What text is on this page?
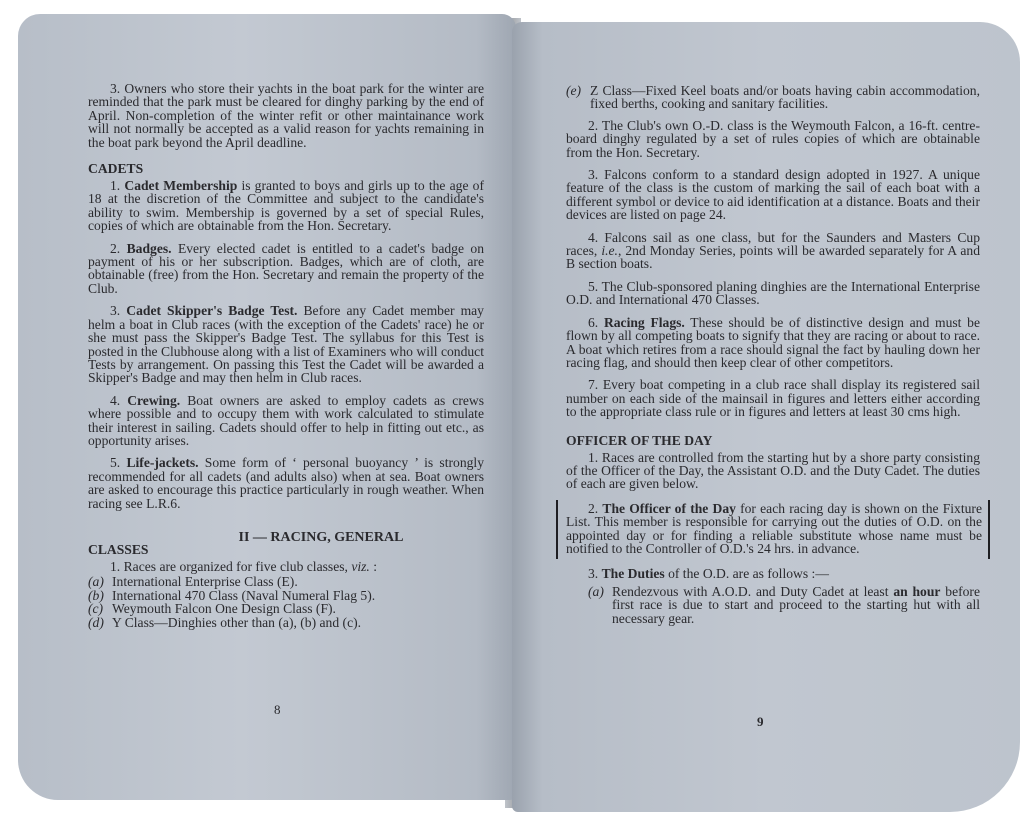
3. Owners who store their yachts in the boat park for the winter are reminded that the park must be cleared for dinghy parking by the end of April. Non-completion of the winter refit or other maintainance work will not normally be accepted as a valid reason for yachts remaining in the boat park beyond the April deadline.

CADETS

1. Cadet Membership is granted to boys and girls up to the age of 18 at the discretion of the Committee and subject to the candidate's ability to swim. Membership is governed by a set of special Rules, copies of which are obtainable from the Hon. Secretary.

2. Badges. Every elected cadet is entitled to a cadet's badge on payment of his or her subscription. Badges, which are of cloth, are obtainable (free) from the Hon. Secretary and remain the property of the Club.

3. Cadet Skipper's Badge Test. Before any Cadet member may helm a boat in Club races (with the exception of the Cadets' race) he or she must pass the Skipper's Badge Test. The syllabus for this Test is posted in the Clubhouse along with a list of Examiners who will conduct Tests by arrangement. On passing this Test the Cadet will be awarded a Skipper's Badge and may then helm in Club races.

4. Crewing. Boat owners are asked to employ cadets as crews where possible and to occupy them with work calculated to stimulate their interest in sailing. Cadets should offer to help in fitting out etc., as opportunity arises.

5. Life-jackets. Some form of ‘ personal buoyancy ’ is strongly recommended for all cadets (and adults also) when at sea. Boat owners are asked to encourage this practice particularly in rough weather. When racing see L.R.6.

II — RACING, GENERAL

CLASSES

1. Races are organized for five club classes, viz. :

(a) International Enterprise Class (E).
(b) International 470 Class (Naval Numeral Flag 5).
(c) Weymouth Falcon One Design Class (F).
(d) Y Class—Dinghies other than (a), (b) and (c).
8
(e) Z Class—Fixed Keel boats and/or boats having cabin accommodation, fixed berths, cooking and sanitary facilities.

2. The Club's own O.-D. class is the Weymouth Falcon, a 16-ft. centre-board dinghy regulated by a set of rules copies of which are obtainable from the Hon. Secretary.

3. Falcons conform to a standard design adopted in 1927. A unique feature of the class is the custom of marking the sail of each boat with a different symbol or device to aid identification at a distance. Boats and their devices are listed on page 24.

4. Falcons sail as one class, but for the Saunders and Masters Cup races, i.e., 2nd Monday Series, points will be awarded separately for A and B section boats.

5. The Club-sponsored planing dinghies are the International Enterprise O.D. and International 470 Classes.

6. Racing Flags. These should be of distinctive design and must be flown by all competing boats to signify that they are racing or about to race. A boat which retires from a race should signal the fact by hauling down her racing flag, and should then keep clear of other competitors.

7. Every boat competing in a club race shall display its registered sail number on each side of the mainsail in figures and letters either according to the appropriate class rule or in figures and letters at least 30 cms high.

OFFICER OF THE DAY

1. Races are controlled from the starting hut by a shore party consisting of the Officer of the Day, the Assistant O.D. and the Duty Cadet. The duties of each are given below.

2. The Officer of the Day for each racing day is shown on the Fixture List. This member is responsible for carrying out the duties of O.D. on the appointed day or for finding a reliable substitute whose name must be notified to the Controller of O.D.'s 24 hrs. in advance.

3. The Duties of the O.D. are as follows :—

(a) Rendezvous with A.O.D. and Duty Cadet at least an hour before first race is due to start and proceed to the starting hut with all necessary gear.
9
